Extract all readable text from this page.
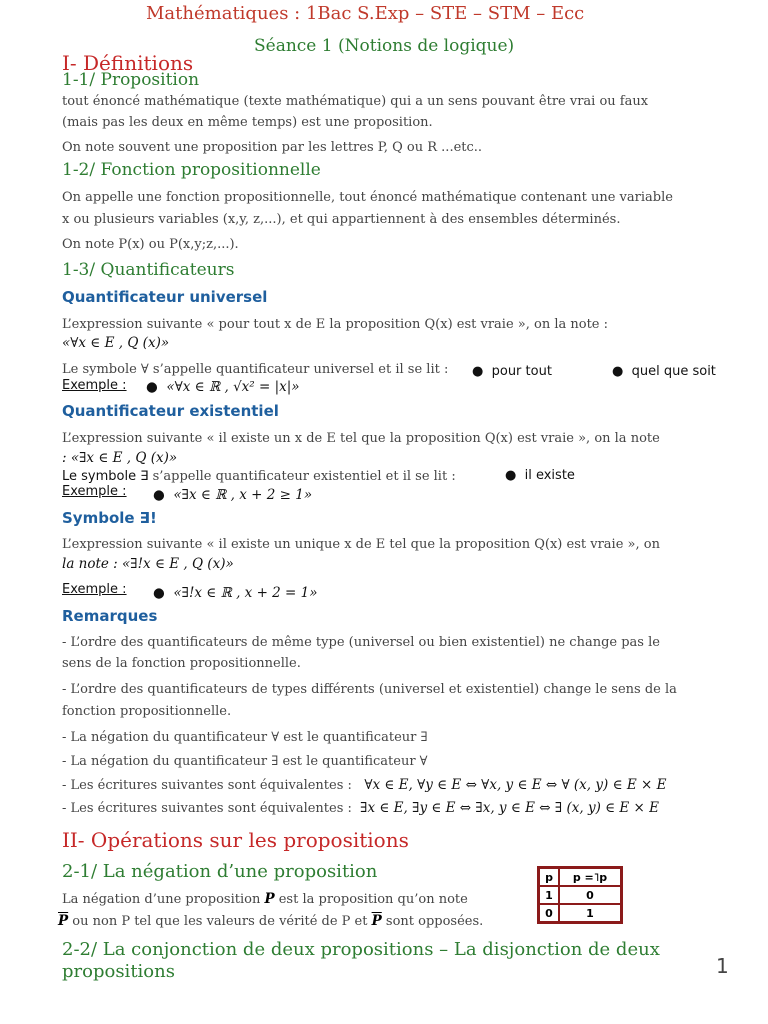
Mathématiques : 1Bac S.Exp – STE – STM – Ecc
Séance 1 (Notions de logique)
I- Définitions
1-1/ Proposition
tout énoncé mathématique (texte mathématique) qui a un sens pouvant être vrai ou faux
(mais pas les deux en même temps) est une proposition.
On note souvent une proposition par les lettres P, Q ou R ...etc..
1-2/ Fonction propositionnelle
On appelle une fonction propositionnelle, tout énoncé mathématique contenant une variable
x ou plusieurs variables (x,y, z,...), et qui appartiennent à des ensembles déterminés.
On note P(x) ou P(x,y;z,...).
1-3/ Quantificateurs
Quantificateur universel
L’expression suivante « pour tout x de E la proposition Q(x) est vraie », on la note :
«∀x ∈ E , Q (x)»
Le symbole ∀ s’appelle quantificateur universel et il se lit : ●  pour tout	●  quel que soit
Exemple : ●  «∀x ∈ ℝ , √x² = |x|»
Quantificateur existentiel
L’expression suivante « il existe un x de E tel que la proposition Q(x) est vraie », on la note
: «∃x ∈ E , Q (x)»
Le symbole ∃ s’appelle quantificateur existentiel et il se lit :	●  il existe
Exemple : ●  «∃x ∈ ℝ , x + 2 ≥ 1»
Symbole ∃!
L’expression suivante « il existe un unique x de E tel que la proposition Q(x) est vraie », on
la note : «∃!x ∈ E , Q (x)»
Exemple : ●  «∃!x ∈ ℝ , x + 2 = 1»
Remarques
- L’ordre des quantificateurs de même type (universel ou bien existentiel) ne change pas le
sens de la fonction propositionnelle.
- L’ordre des quantificateurs de types différents (universel et existentiel) change le sens de la
fonction propositionnelle.
- La négation du quantificateur ∀ est le quantificateur ∃
- La négation du quantificateur ∃ est le quantificateur ∀
- Les écritures suivantes sont équivalentes : ∀x ∈ E, ∀y ∈ E ⇔ ∀x, y ∈ E ⇔ ∀ (x, y) ∈ E × E
- Les écritures suivantes sont équivalentes : ∃x ∈ E, ∃y ∈ E ⇔ ∃x, y ∈ E ⇔ ∃ (x, y) ∈ E × E
II- Opérations sur les propositions
2-1/ La négation d’une proposition
La négation d’une proposition P est la proposition qu’on note
$\overline{P}$ ou non P tel que les valeurs de vérité de P et $\overline{P}$ sont opposées.
p	p =˥p
1	0
0	1
2-2/ La conjonction de deux propositions – La disjonction de deux
propositions	1
